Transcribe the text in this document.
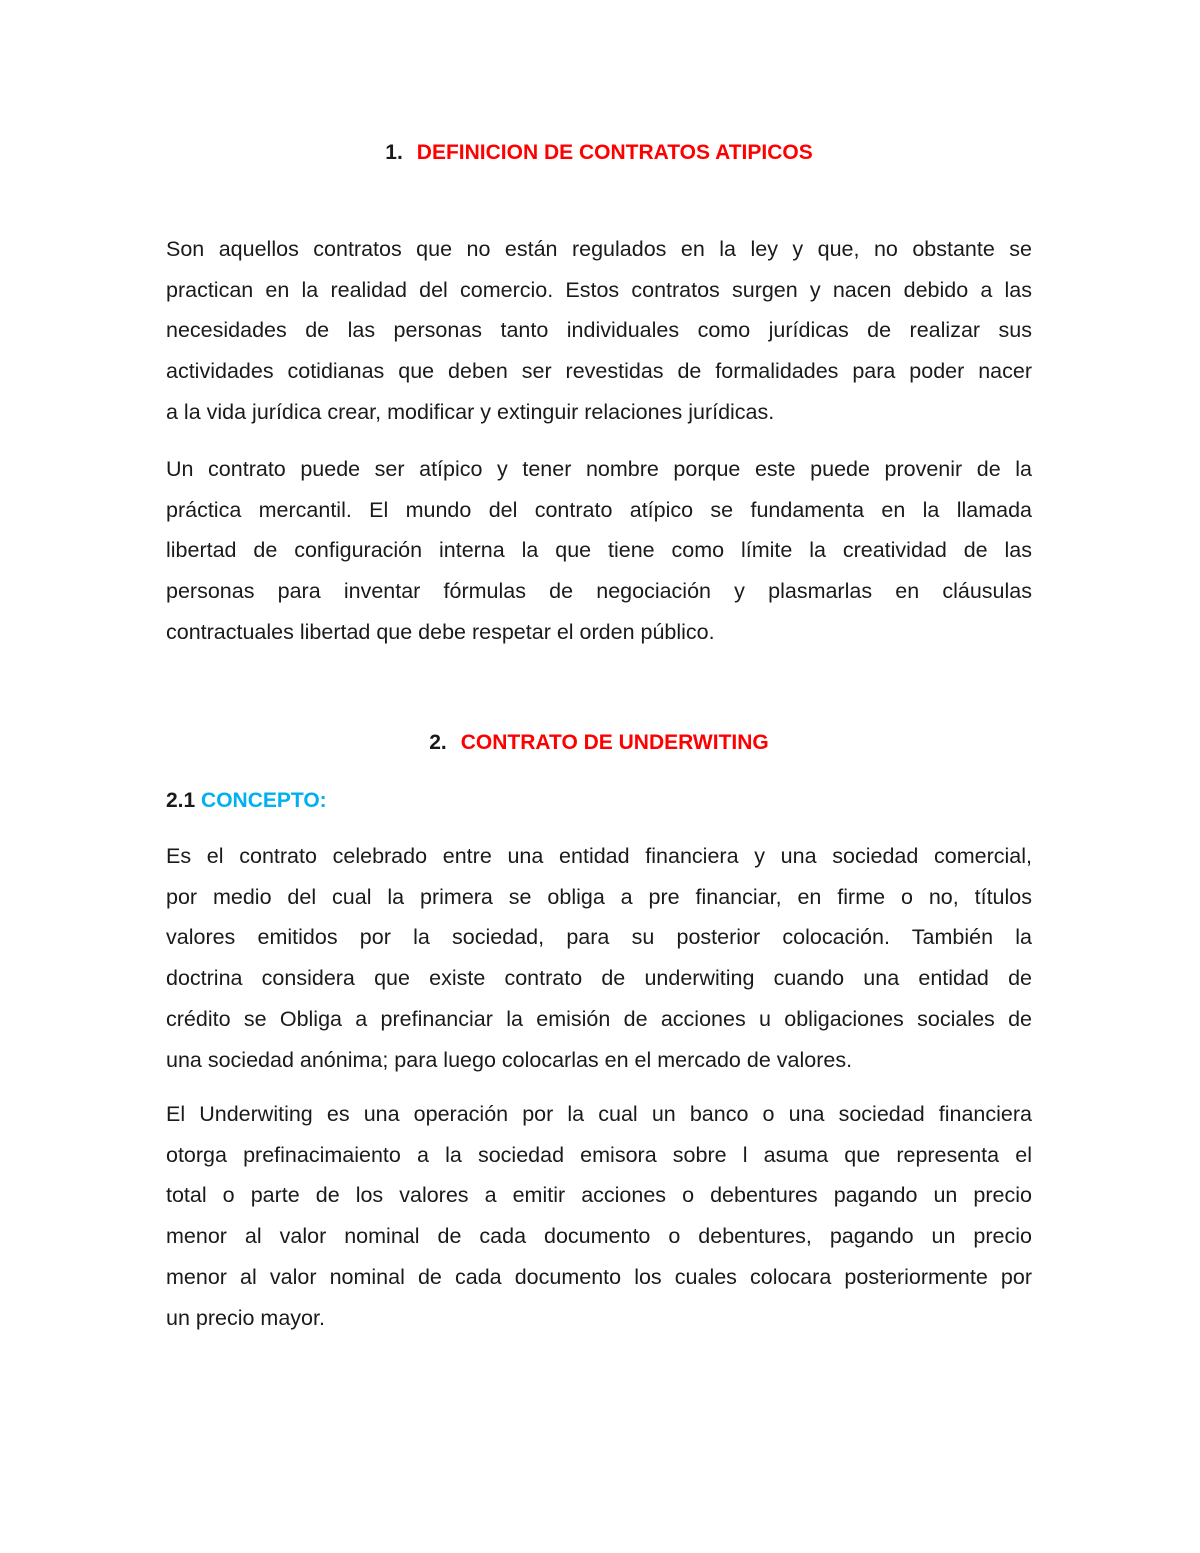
1. DEFINICION DE CONTRATOS ATIPICOS
Son aquellos contratos que no están regulados en la ley y que, no obstante se
practican en la realidad del comercio. Estos contratos surgen y nacen debido a las
necesidades de las personas tanto individuales como jurídicas de realizar sus
actividades cotidianas que deben ser revestidas de formalidades para poder nacer
a la vida jurídica crear, modificar y extinguir relaciones jurídicas.
Un contrato puede ser atípico y tener nombre porque este puede provenir de la
práctica mercantil. El mundo del contrato atípico se fundamenta en la llamada
libertad de configuración interna la que tiene como límite la creatividad de las
personas para inventar fórmulas de negociación y plasmarlas en cláusulas
contractuales libertad que debe respetar el orden público.
2. CONTRATO DE UNDERWITING
2.1 CONCEPTO:
Es el contrato celebrado entre una entidad financiera y una sociedad comercial,
por medio del cual la primera se obliga a pre financiar, en firme o no, títulos
valores emitidos por la sociedad, para su posterior colocación. También la
doctrina considera que existe contrato de underwiting cuando una entidad de
crédito se Obliga a prefinanciar la emisión de acciones u obligaciones sociales de
una sociedad anónima; para luego colocarlas en el mercado de valores.
El Underwiting es una operación por la cual un banco o una sociedad financiera
otorga prefinacimaiento a la sociedad emisora sobre l asuma que representa el
total o parte de los valores a emitir acciones o debentures pagando un precio
menor al valor nominal de cada documento o debentures, pagando un precio
menor al valor nominal de cada documento los cuales colocara posteriormente por
un precio mayor.
